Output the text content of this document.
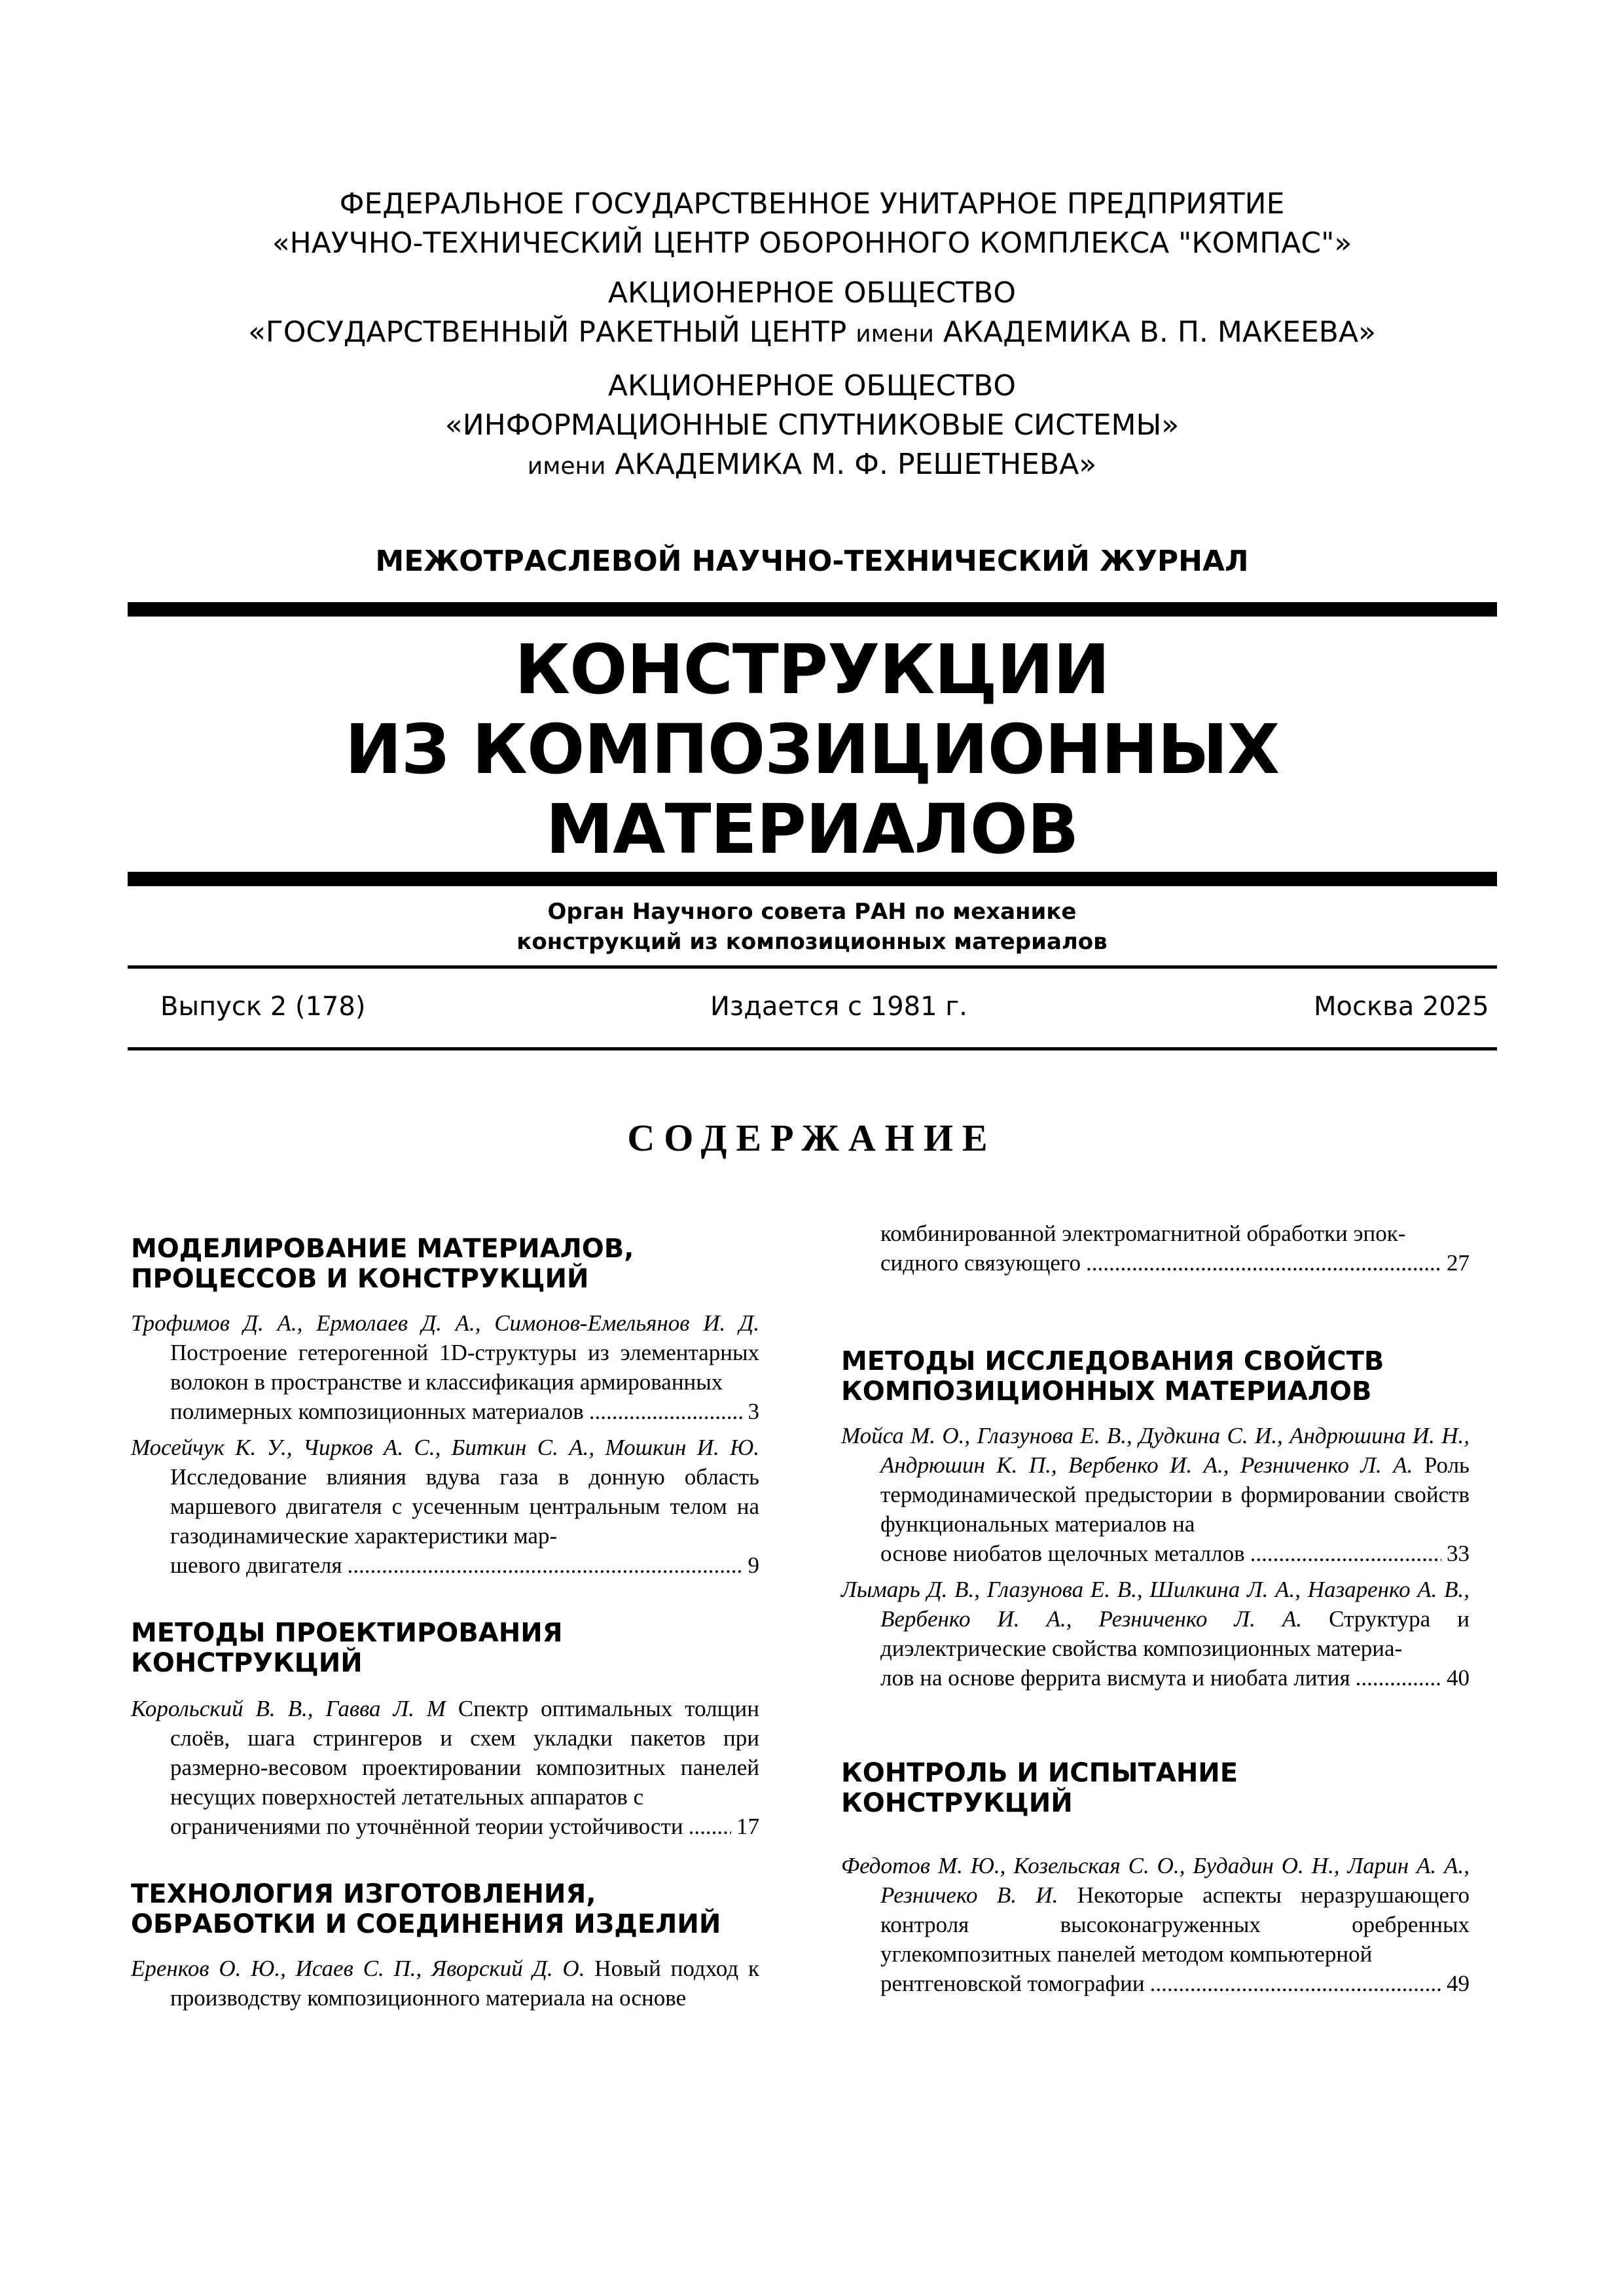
ФЕДЕРАЛЬНОЕ ГОСУДАРСТВЕННОЕ УНИТАРНОЕ ПРЕДПРИЯТИЕ
«НАУЧНО-ТЕХНИЧЕСКИЙ ЦЕНТР ОБОРОННОГО КОМПЛЕКСА "КОМПАС"»
АКЦИОНЕРНОЕ ОБЩЕСТВО
«ГОСУДАРСТВЕННЫЙ РАКЕТНЫЙ ЦЕНТР имени АКАДЕМИКА В. П. МАКЕЕВА»
АКЦИОНЕРНОЕ ОБЩЕСТВО
«ИНФОРМАЦИОННЫЕ СПУТНИКОВЫЕ СИСТЕМЫ»
имени АКАДЕМИКА М. Ф. РЕШЕТНЕВА»
МЕЖОТРАСЛЕВОЙ НАУЧНО-ТЕХНИЧЕСКИЙ ЖУРНАЛ
КОНСТРУКЦИИ
ИЗ КОМПОЗИЦИОННЫХ
МАТЕРИАЛОВ
Орган Научного совета РАН по механике
конструкций из композиционных материалов
Выпуск 2 (178)	Издается с 1981 г.	Москва 2025
СОДЕРЖАНИЕ

МОДЕЛИРОВАНИЕ МАТЕРИАЛОВ, ПРОЦЕССОВ И КОНСТРУКЦИЙ

Трофимов Д. А., Ермолаев Д. А., Симонов-Емельянов И. Д. Построение гетерогенной 1D-структуры из элементарных волокон в пространстве и классификация армированных
полимерных композиционных материалов .....	3
Мосейчук К. У., Чирков А. С., Биткин С. А., Мошкин И. Ю. Исследование влияния вдува газа в донную область маршевого двигателя с усеченным центральным телом на газодинамические характеристики мар-
шевого двигателя .....	9

МЕТОДЫ ПРОЕКТИРОВАНИЯ КОНСТРУКЦИЙ

Корольский В. В., Гавва Л. М Спектр оптимальных толщин слоёв, шага стрингеров и схем укладки пакетов при размерно-весовом проектировании композитных панелей несущих поверхностей летательных аппаратов с
ограничениями по уточнённой теории устойчивости ..... 17

ТЕХНОЛОГИЯ ИЗГОТОВЛЕНИЯ, ОБРАБОТКИ И СОЕДИНЕНИЯ ИЗДЕЛИЙ

Еренков О. Ю., Исаев С. П., Яворский Д. О. Новый подход к производству композиционного материала на основе
комбинированной электромагнитной обработки эпок-
сидного связующего .....	27

МЕТОДЫ ИССЛЕДОВАНИЯ СВОЙСТВ КОМПОЗИЦИОННЫХ МАТЕРИАЛОВ

Мойса М. О., Глазунова Е. В., Дудкина С. И., Андрюшина И. Н., Андрюшин К. П., Вербенко И. А., Резниченко Л. А. Роль термодинамической предыстории в формировании свойств функциональных материалов на
основе ниобатов щелочных металлов .....	33
Лымарь Д. В., Глазунова Е. В., Шилкина Л. А., Назаренко А. В., Вербенко И. А., Резниченко Л. А. Структура и диэлектрические свойства композиционных материа-
лов на основе феррита висмута и ниобата лития .....	40

КОНТРОЛЬ И ИСПЫТАНИЕ КОНСТРУКЦИЙ

Федотов М. Ю., Козельская С. О., Будадин О. Н., Ларин А. А., Резничеко В. И. Некоторые аспекты неразрушающего контроля высоконагруженных оребренных углекомпозитных панелей методом компьютерной
рентгеновской томографии .....	49
